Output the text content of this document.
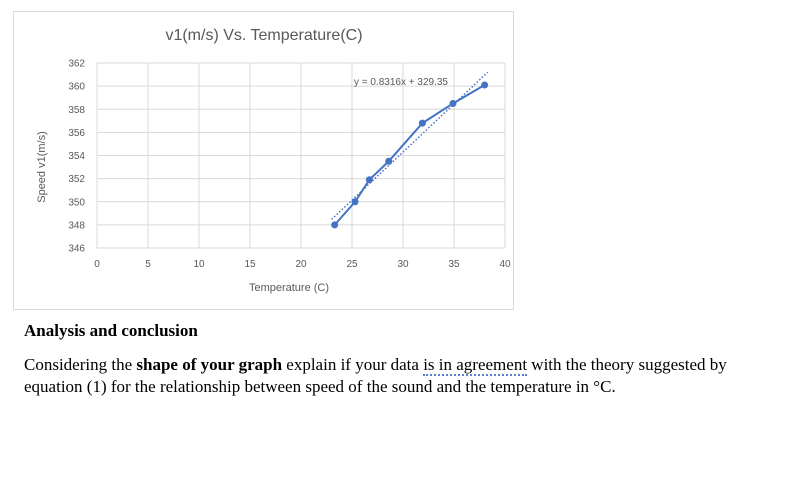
v1(m/s) Vs. Temperature(C)
346
348
350
352
354
356
358
360
362
0	5	10	15	20	25	30	35	40
Speed v1(m/s)
Temperature (C)
y = 0.8316x + 329.35
Analysis and conclusion
Considering the shape of your graph explain if your data is in agreement with the theory suggested by equation (1) for the relationship between speed of the sound and the temperature in °C.
